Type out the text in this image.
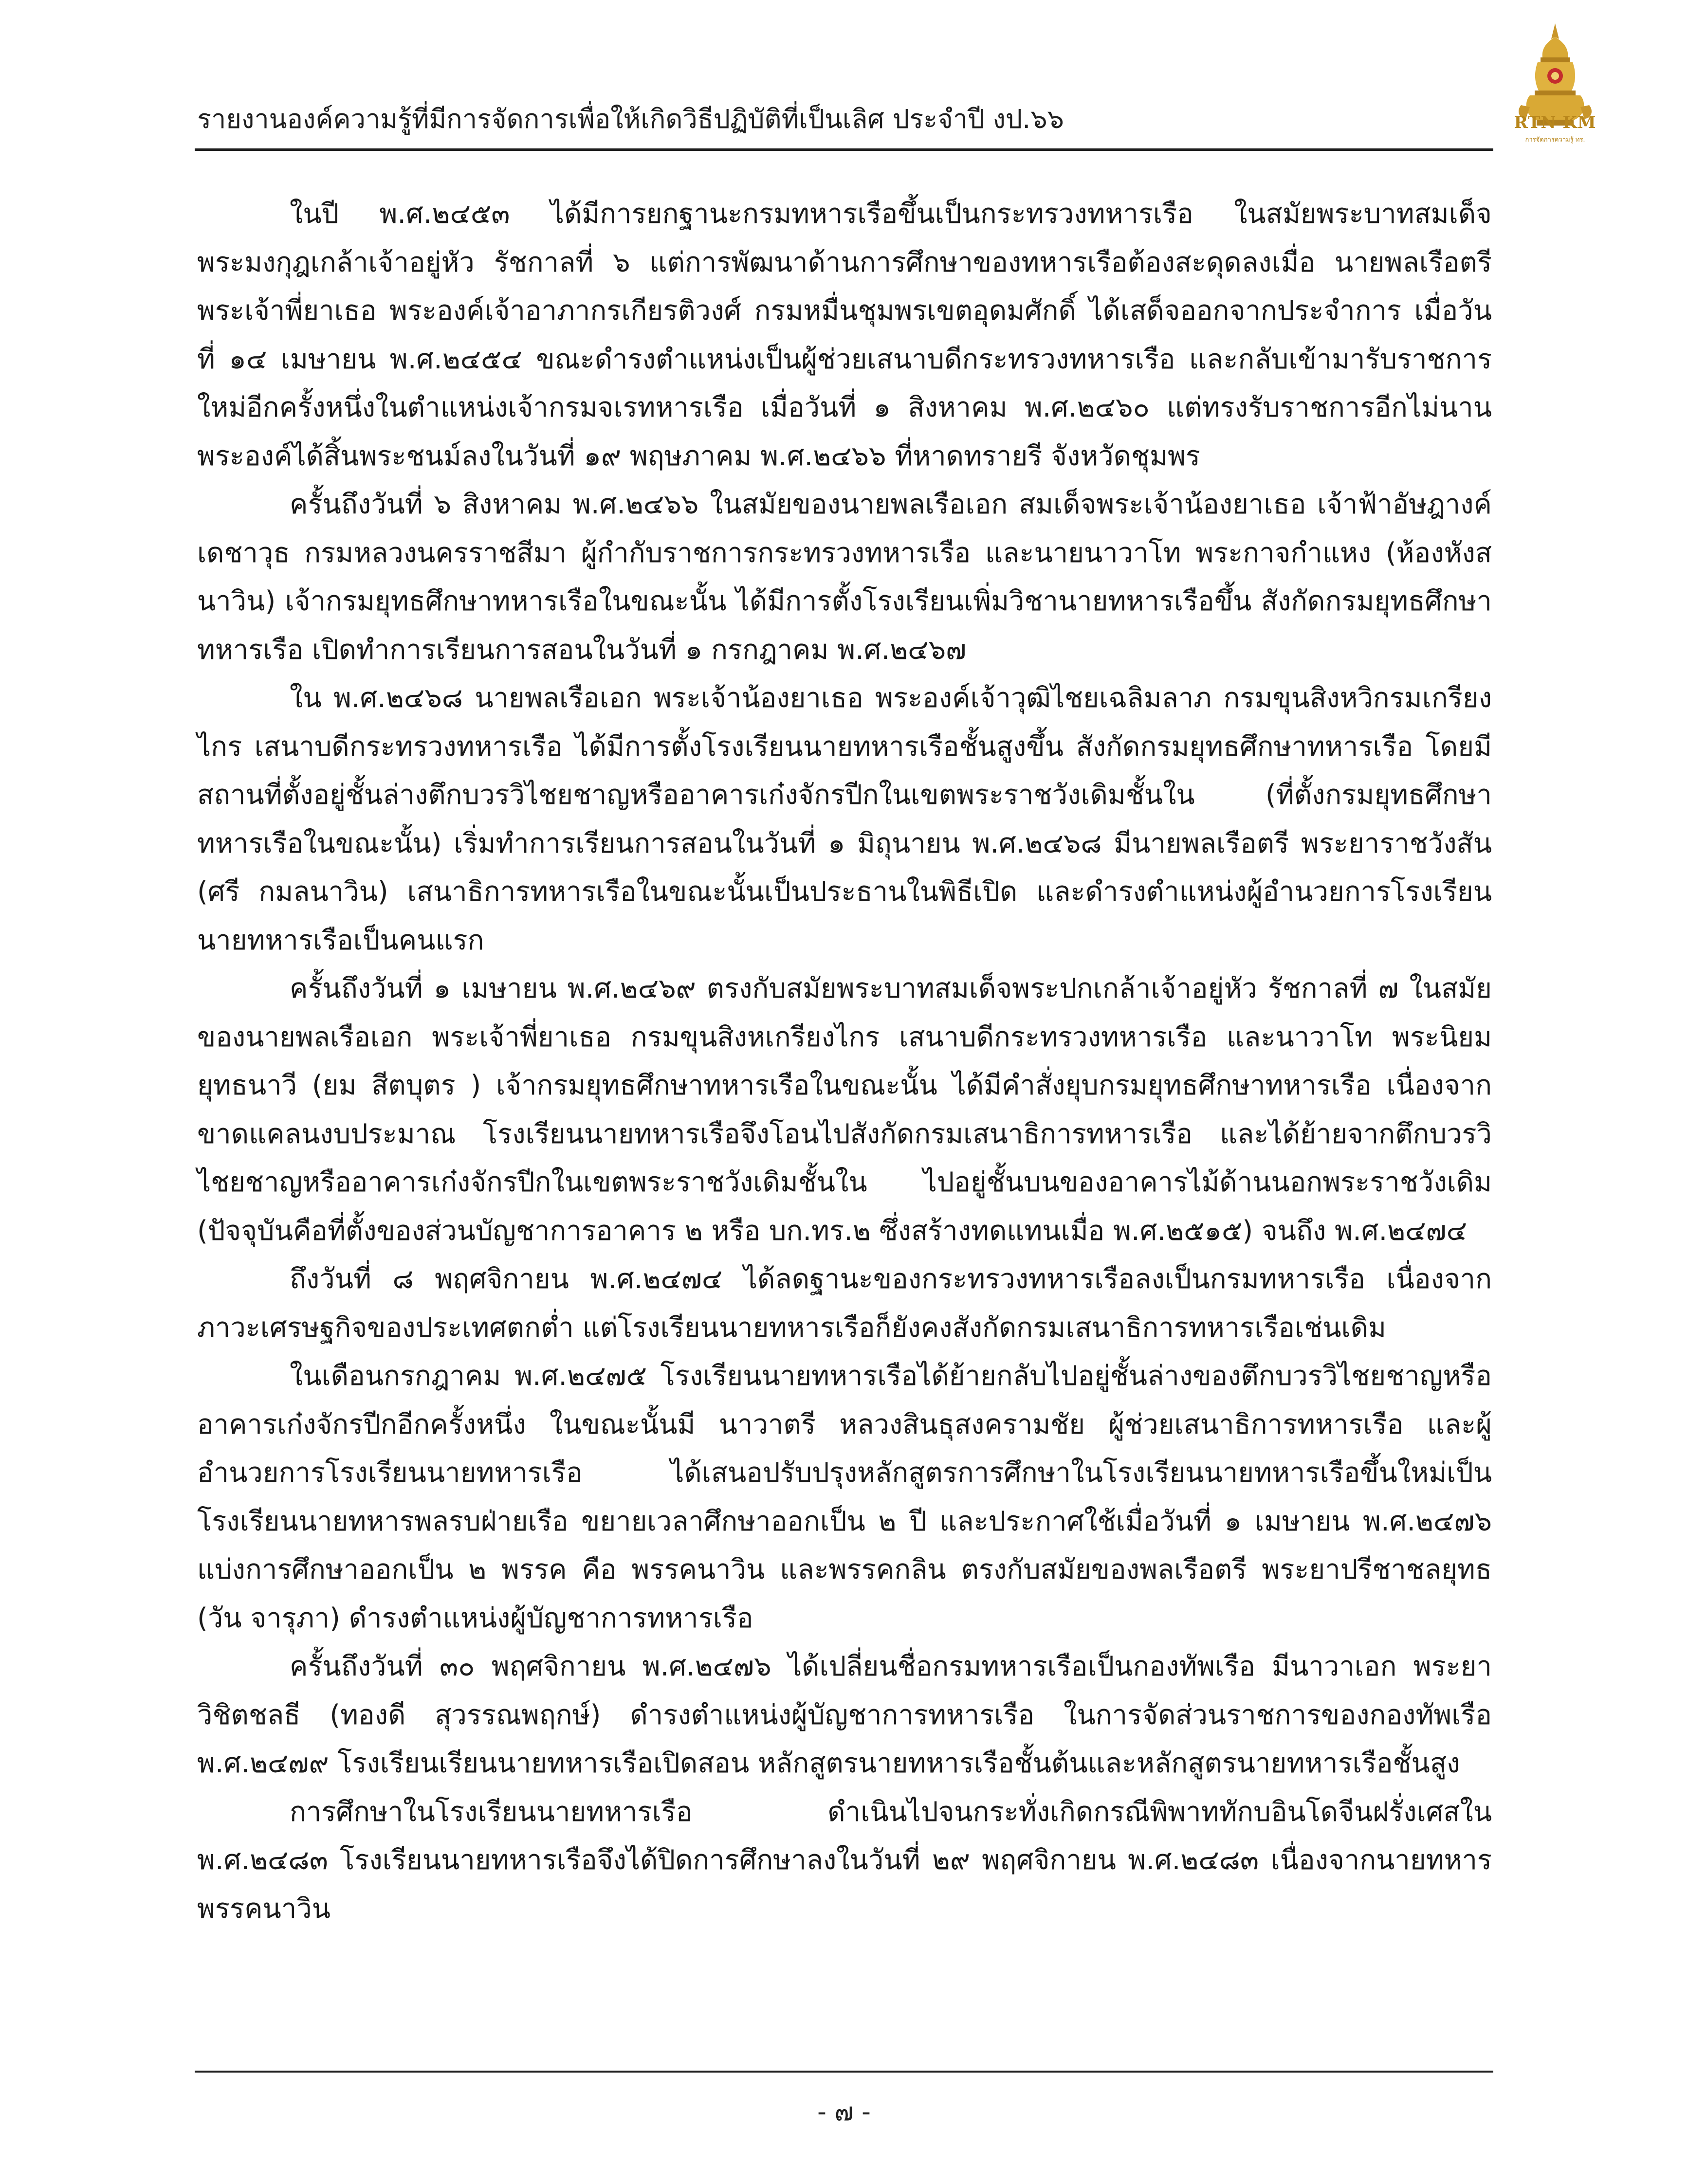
รายงานองค์ความรู้ที่มีการจัดการเพื่อให้เกิดวิธีปฏิบัติที่เป็นเลิศ ประจำปี งป.๖๖	RTN KM
การจัดการความรู้ ทร.

ในปี พ.ศ.๒๔๕๓ ได้มีการยกฐานะกรมทหารเรือขึ้นเป็นกระทรวงทหารเรือ ในสมัยพระบาทสมเด็จพระมงกุฎเกล้าเจ้าอยู่หัว รัชกาลที่ ๖ แต่การพัฒนาด้านการศึกษาของทหารเรือต้องสะดุดลงเมื่อ นายพลเรือตรี พระเจ้าพี่ยาเธอ พระองค์เจ้าอาภากรเกียรติวงศ์ กรมหมื่นชุมพรเขตอุดมศักดิ์ ได้เสด็จออกจากประจำการ เมื่อวันที่ ๑๔ เมษายน พ.ศ.๒๔๕๔ ขณะดำรงตำแหน่งเป็นผู้ช่วยเสนาบดีกระทรวงทหารเรือ และกลับเข้ามารับราชการใหม่อีกครั้งหนึ่งในตำแหน่งเจ้ากรมจเรทหารเรือ เมื่อวันที่ ๑ สิงหาคม พ.ศ.๒๔๖๐ แต่ทรงรับราชการอีกไม่นานพระองค์ได้สิ้นพระชนม์ลงในวันที่ ๑๙ พฤษภาคม พ.ศ.๒๔๖๖ ที่หาดทรายรี จังหวัดชุมพร

ครั้นถึงวันที่ ๖ สิงหาคม พ.ศ.๒๔๖๖ ในสมัยของนายพลเรือเอก สมเด็จพระเจ้าน้องยาเธอ เจ้าฟ้าอัษฎางค์เดชาวุธ กรมหลวงนครราชสีมา ผู้กำกับราชการกระทรวงทหารเรือ และนายนาวาโท พระกาจกำแหง (ห้องหังสนาวิน) เจ้ากรมยุทธศึกษาทหารเรือในขณะนั้น ได้มีการตั้งโรงเรียนเพิ่มวิชานายทหารเรือขึ้น สังกัดกรมยุทธศึกษาทหารเรือ เปิดทำการเรียนการสอนในวันที่ ๑ กรกฎาคม พ.ศ.๒๔๖๗

ใน พ.ศ.๒๔๖๘ นายพลเรือเอก พระเจ้าน้องยาเธอ พระองค์เจ้าวุฒิไชยเฉลิมลาภ กรมขุนสิงหวิกรมเกรียงไกร เสนาบดีกระทรวงทหารเรือ ได้มีการตั้งโรงเรียนนายทหารเรือชั้นสูงขึ้น สังกัดกรมยุทธศึกษาทหารเรือ โดยมีสถานที่ตั้งอยู่ชั้นล่างตึกบวรวิไชยชาญหรืออาคารเก๋งจักรปีกในเขตพระราชวังเดิมชั้นใน (ที่ตั้งกรมยุทธศึกษาทหารเรือในขณะนั้น) เริ่มทำการเรียนการสอนในวันที่ ๑ มิถุนายน พ.ศ.๒๔๖๘ มีนายพลเรือตรี พระยาราชวังสัน (ศรี กมลนาวิน) เสนาธิการทหารเรือในขณะนั้นเป็นประธานในพิธีเปิด และดำรงตำแหน่งผู้อำนวยการโรงเรียนนายทหารเรือเป็นคนแรก

ครั้นถึงวันที่ ๑ เมษายน พ.ศ.๒๔๖๙ ตรงกับสมัยพระบาทสมเด็จพระปกเกล้าเจ้าอยู่หัว รัชกาลที่ ๗ ในสมัยของนายพลเรือเอก พระเจ้าพี่ยาเธอ กรมขุนสิงหเกรียงไกร เสนาบดีกระทรวงทหารเรือ และนาวาโท พระนิยมยุทธนาวี (ยม สีตบุตร ) เจ้ากรมยุทธศึกษาทหารเรือในขณะนั้น ได้มีคำสั่งยุบกรมยุทธศึกษาทหารเรือ เนื่องจากขาดแคลนงบประมาณ โรงเรียนนายทหารเรือจึงโอนไปสังกัดกรมเสนาธิการทหารเรือ และได้ย้ายจากตึกบวรวิไชยชาญหรืออาคารเก๋งจักรปีกในเขตพระราชวังเดิมชั้นใน ไปอยู่ชั้นบนของอาคารไม้ด้านนอกพระราชวังเดิม (ปัจจุบันคือที่ตั้งของส่วนบัญชาการอาคาร ๒ หรือ บก.ทร.๒ ซึ่งสร้างทดแทนเมื่อ พ.ศ.๒๕๑๕) จนถึง พ.ศ.๒๔๗๔

ถึงวันที่ ๘ พฤศจิกายน พ.ศ.๒๔๗๔ ได้ลดฐานะของกระทรวงทหารเรือลงเป็นกรมทหารเรือ เนื่องจากภาวะเศรษฐกิจของประเทศตกต่ำ แต่โรงเรียนนายทหารเรือก็ยังคงสังกัดกรมเสนาธิการทหารเรือเช่นเดิม

ในเดือนกรกฎาคม พ.ศ.๒๔๗๕ โรงเรียนนายทหารเรือได้ย้ายกลับไปอยู่ชั้นล่างของตึกบวรวิไชยชาญหรืออาคารเก๋งจักรปีกอีกครั้งหนึ่ง ในขณะนั้นมี นาวาตรี หลวงสินธุสงครามชัย ผู้ช่วยเสนาธิการทหารเรือ และผู้อำนวยการโรงเรียนนายทหารเรือ ได้เสนอปรับปรุงหลักสูตรการศึกษาในโรงเรียนนายทหารเรือขึ้นใหม่เป็นโรงเรียนนายทหารพลรบฝ่ายเรือ ขยายเวลาศึกษาออกเป็น ๒ ปี และประกาศใช้เมื่อวันที่ ๑ เมษายน พ.ศ.๒๔๗๖ แบ่งการศึกษาออกเป็น ๒ พรรค คือ พรรคนาวิน และพรรคกลิน ตรงกับสมัยของพลเรือตรี พระยาปรีชาชลยุทธ (วัน จารุภา) ดำรงตำแหน่งผู้บัญชาการทหารเรือ

ครั้นถึงวันที่ ๓๐ พฤศจิกายน พ.ศ.๒๔๗๖ ได้เปลี่ยนชื่อกรมทหารเรือเป็นกองทัพเรือ มีนาวาเอก พระยาวิชิตชลธี (ทองดี สุวรรณพฤกษ์) ดำรงตำแหน่งผู้บัญชาการทหารเรือ ในการจัดส่วนราชการของกองทัพเรือ พ.ศ.๒๔๗๙ โรงเรียนเรียนนายทหารเรือเปิดสอน หลักสูตรนายทหารเรือชั้นต้นและหลักสูตรนายทหารเรือชั้นสูง

การศึกษาในโรงเรียนนายทหารเรือ ดำเนินไปจนกระทั่งเกิดกรณีพิพาททักบอินโดจีนฝรั่งเศสใน พ.ศ.๒๔๘๓ โรงเรียนนายทหารเรือจึงได้ปิดการศึกษาลงในวันที่ ๒๙ พฤศจิกายน พ.ศ.๒๔๘๓ เนื่องจากนายทหารพรรคนาวิน

- ๗ -
